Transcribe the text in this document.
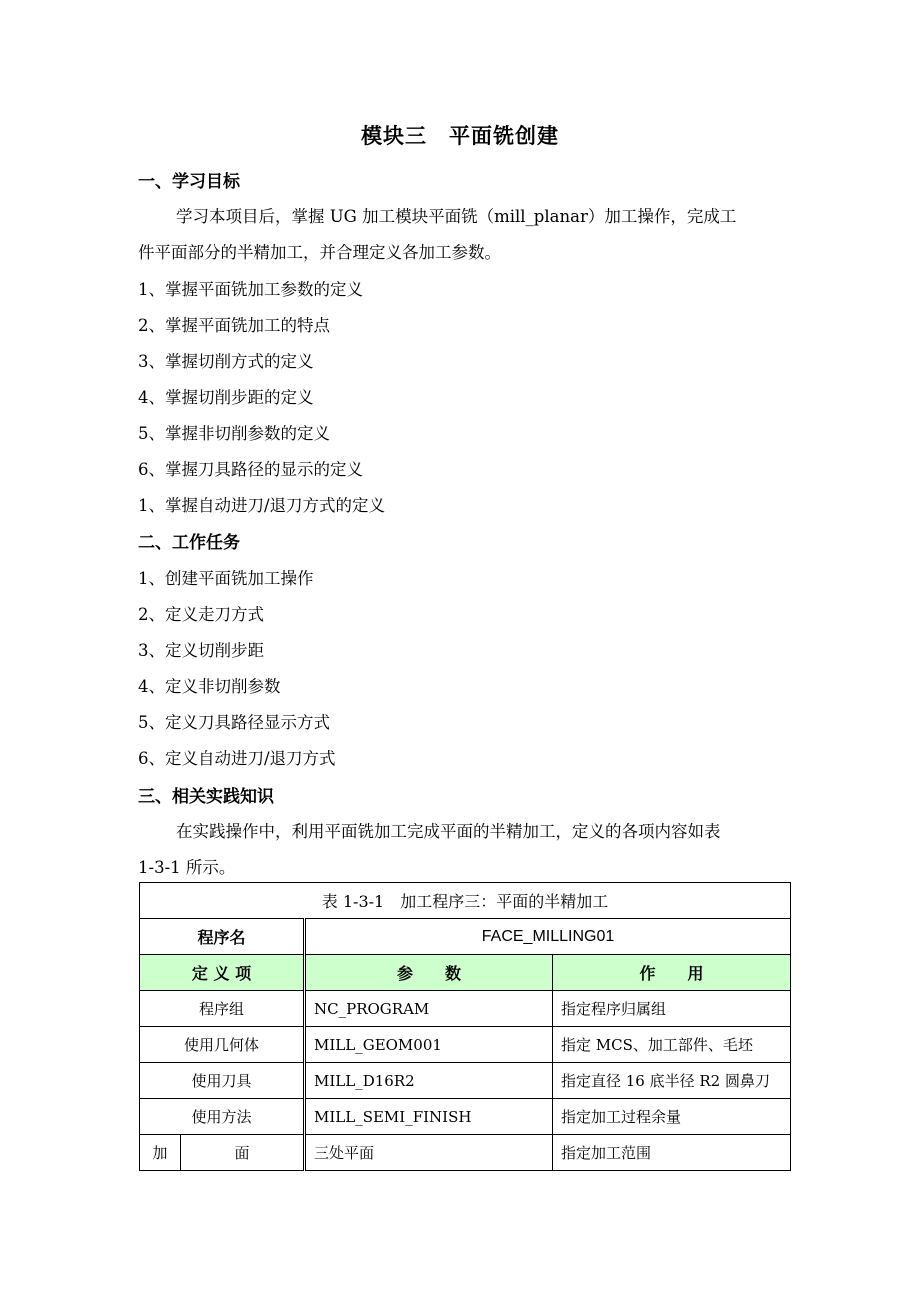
模块三　平面铣创建
一、学习目标
学习本项目后，掌握 UG 加工模块平面铣（mill_planar）加工操作，完成工
件平面部分的半精加工，并合理定义各加工参数。
1、掌握平面铣加工参数的定义
2、掌握平面铣加工的特点
3、掌握切削方式的定义
4、掌握切削步距的定义
5、掌握非切削参数的定义
6、掌握刀具路径的显示的定义
1、掌握自动进刀/退刀方式的定义
二、工作任务
1、创建平面铣加工操作
2、定义走刀方式
3、定义切削步距
4、定义非切削参数
5、定义刀具路径显示方式
6、定义自动进刀/退刀方式
三、相关实践知识
在实践操作中，利用平面铣加工完成平面的半精加工，定义的各项内容如表
1-3-1 所示。
表 1-3-1　加工程序三：平面的半精加工			
程序名		FACE_MILLING01	
定 义 项		参　　数	作　　用
程序组		NC_PROGRAM	指定程序归属组
使用几何体		MILL_GEOM001	指定 MCS、加工部件、毛坯
使用刀具		MILL_D16R2	指定直径 16 底半径 R2 圆鼻刀
使用方法		MILL_SEMI_FINISH	指定加工过程余量
加	面	三处平面	指定加工范围
